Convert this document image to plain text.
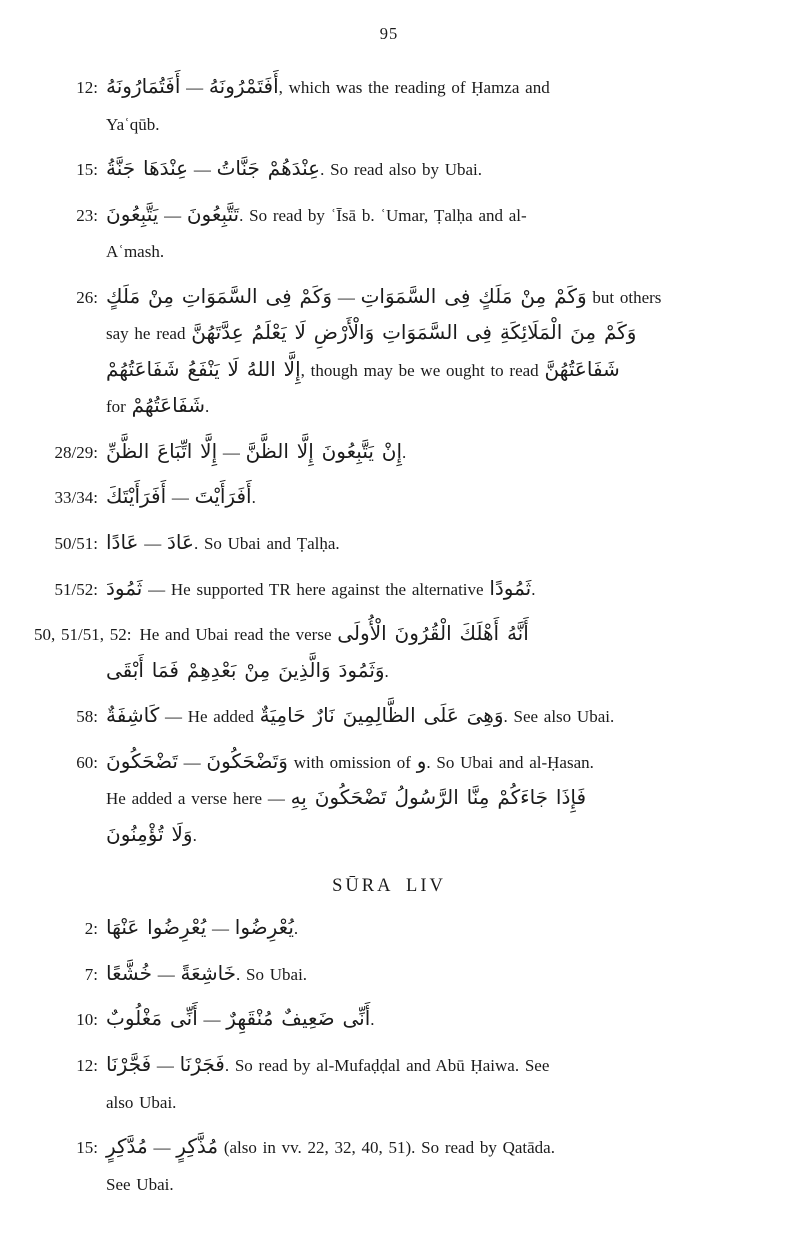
95

12: أَفَتُمَارُونَهُ — أَفَتَمْرُونَهُ, which was the reading of Ḥamza and
Yaʿqūb.

15: عِنْدَهَا جَنَّةُ — عِنْدَهُمْ جَنَّاتُ. So read also by Ubai.

23: يَتَّبِعُونَ — تَتَّبِعُونَ. So read by ʿĪsā b. ʿUmar, Ṭalḥa and al-
Aʿmash.

26: وَكَمْ فِى السَّمَوَاتِ مِنْ مَلَكٍ — وَكَمْ مِنْ مَلَكٍ فِى السَّمَوَاتِ but others
say he read وَكَمْ مِنَ الْمَلَائِكَةِ فِى السَّمَوَاتِ وَالْأَرْضِ لَا يَعْلَمُ عِدَّتَهُنَّ
إِلَّا اللهُ لَا يَنْفَعُ شَفَاعَتُهُمْ, though may be we ought to read شَفَاعَتُهُنَّ
for شَفَاعَتُهُمْ.

28/29: إِلَّا اتِّبَاعَ الظَّنِّ — إِنْ يَتَّبِعُونَ إِلَّا الظَّنَّ.

33/34: أَفَرَأَيْتَكَ — أَفَرَأَيْتَ.

50/51: عَادًا — عَادَ. So Ubai and Ṭalḥa.

51/52: ثَمُودَ — He supported TR here against the alternative ثَمُودًا.

50, 51/51, 52: He and Ubai read the verse أَنَّهُ أَهْلَكَ الْقُرُونَ الْأُولَى
وَثَمُودَ وَالَّذِينَ مِنْ بَعْدِهِمْ فَمَا أَبْقَى.

58: كَاشِفَةٌ — He added وَهِىَ عَلَى الظَّالِمِينَ نَارٌ حَامِيَةٌ. See also Ubai.

60: تَضْحَكُونَ — وَتَضْحَكُونَ with omission of و. So Ubai and al-Ḥasan.
He added a verse here — فَإِذَا جَاءَكُمْ مِنَّا الرَّسُولُ تَضْحَكُونَ بِهِ
وَلَا تُؤْمِنُونَ.

SŪRA LIV

2: يُعْرِضُوا عَنْهَا — يُعْرِضُوا.

7: خُشَّعًا — خَاشِعَةً. So Ubai.

10: أَنِّى مَغْلُوبٌ — أَنِّى ضَعِيفٌ مُنْقَهِرٌ.

12: فَجَّرْنَا — فَجَرْنَا. So read by al-Mufaḍḍal and Abū Ḥaiwa. See
also Ubai.

15: مُدَّكِرٍ — مُذَّكِرٍ (also in vv. 22, 32, 40, 51). So read by Qatāda.
See Ubai.
